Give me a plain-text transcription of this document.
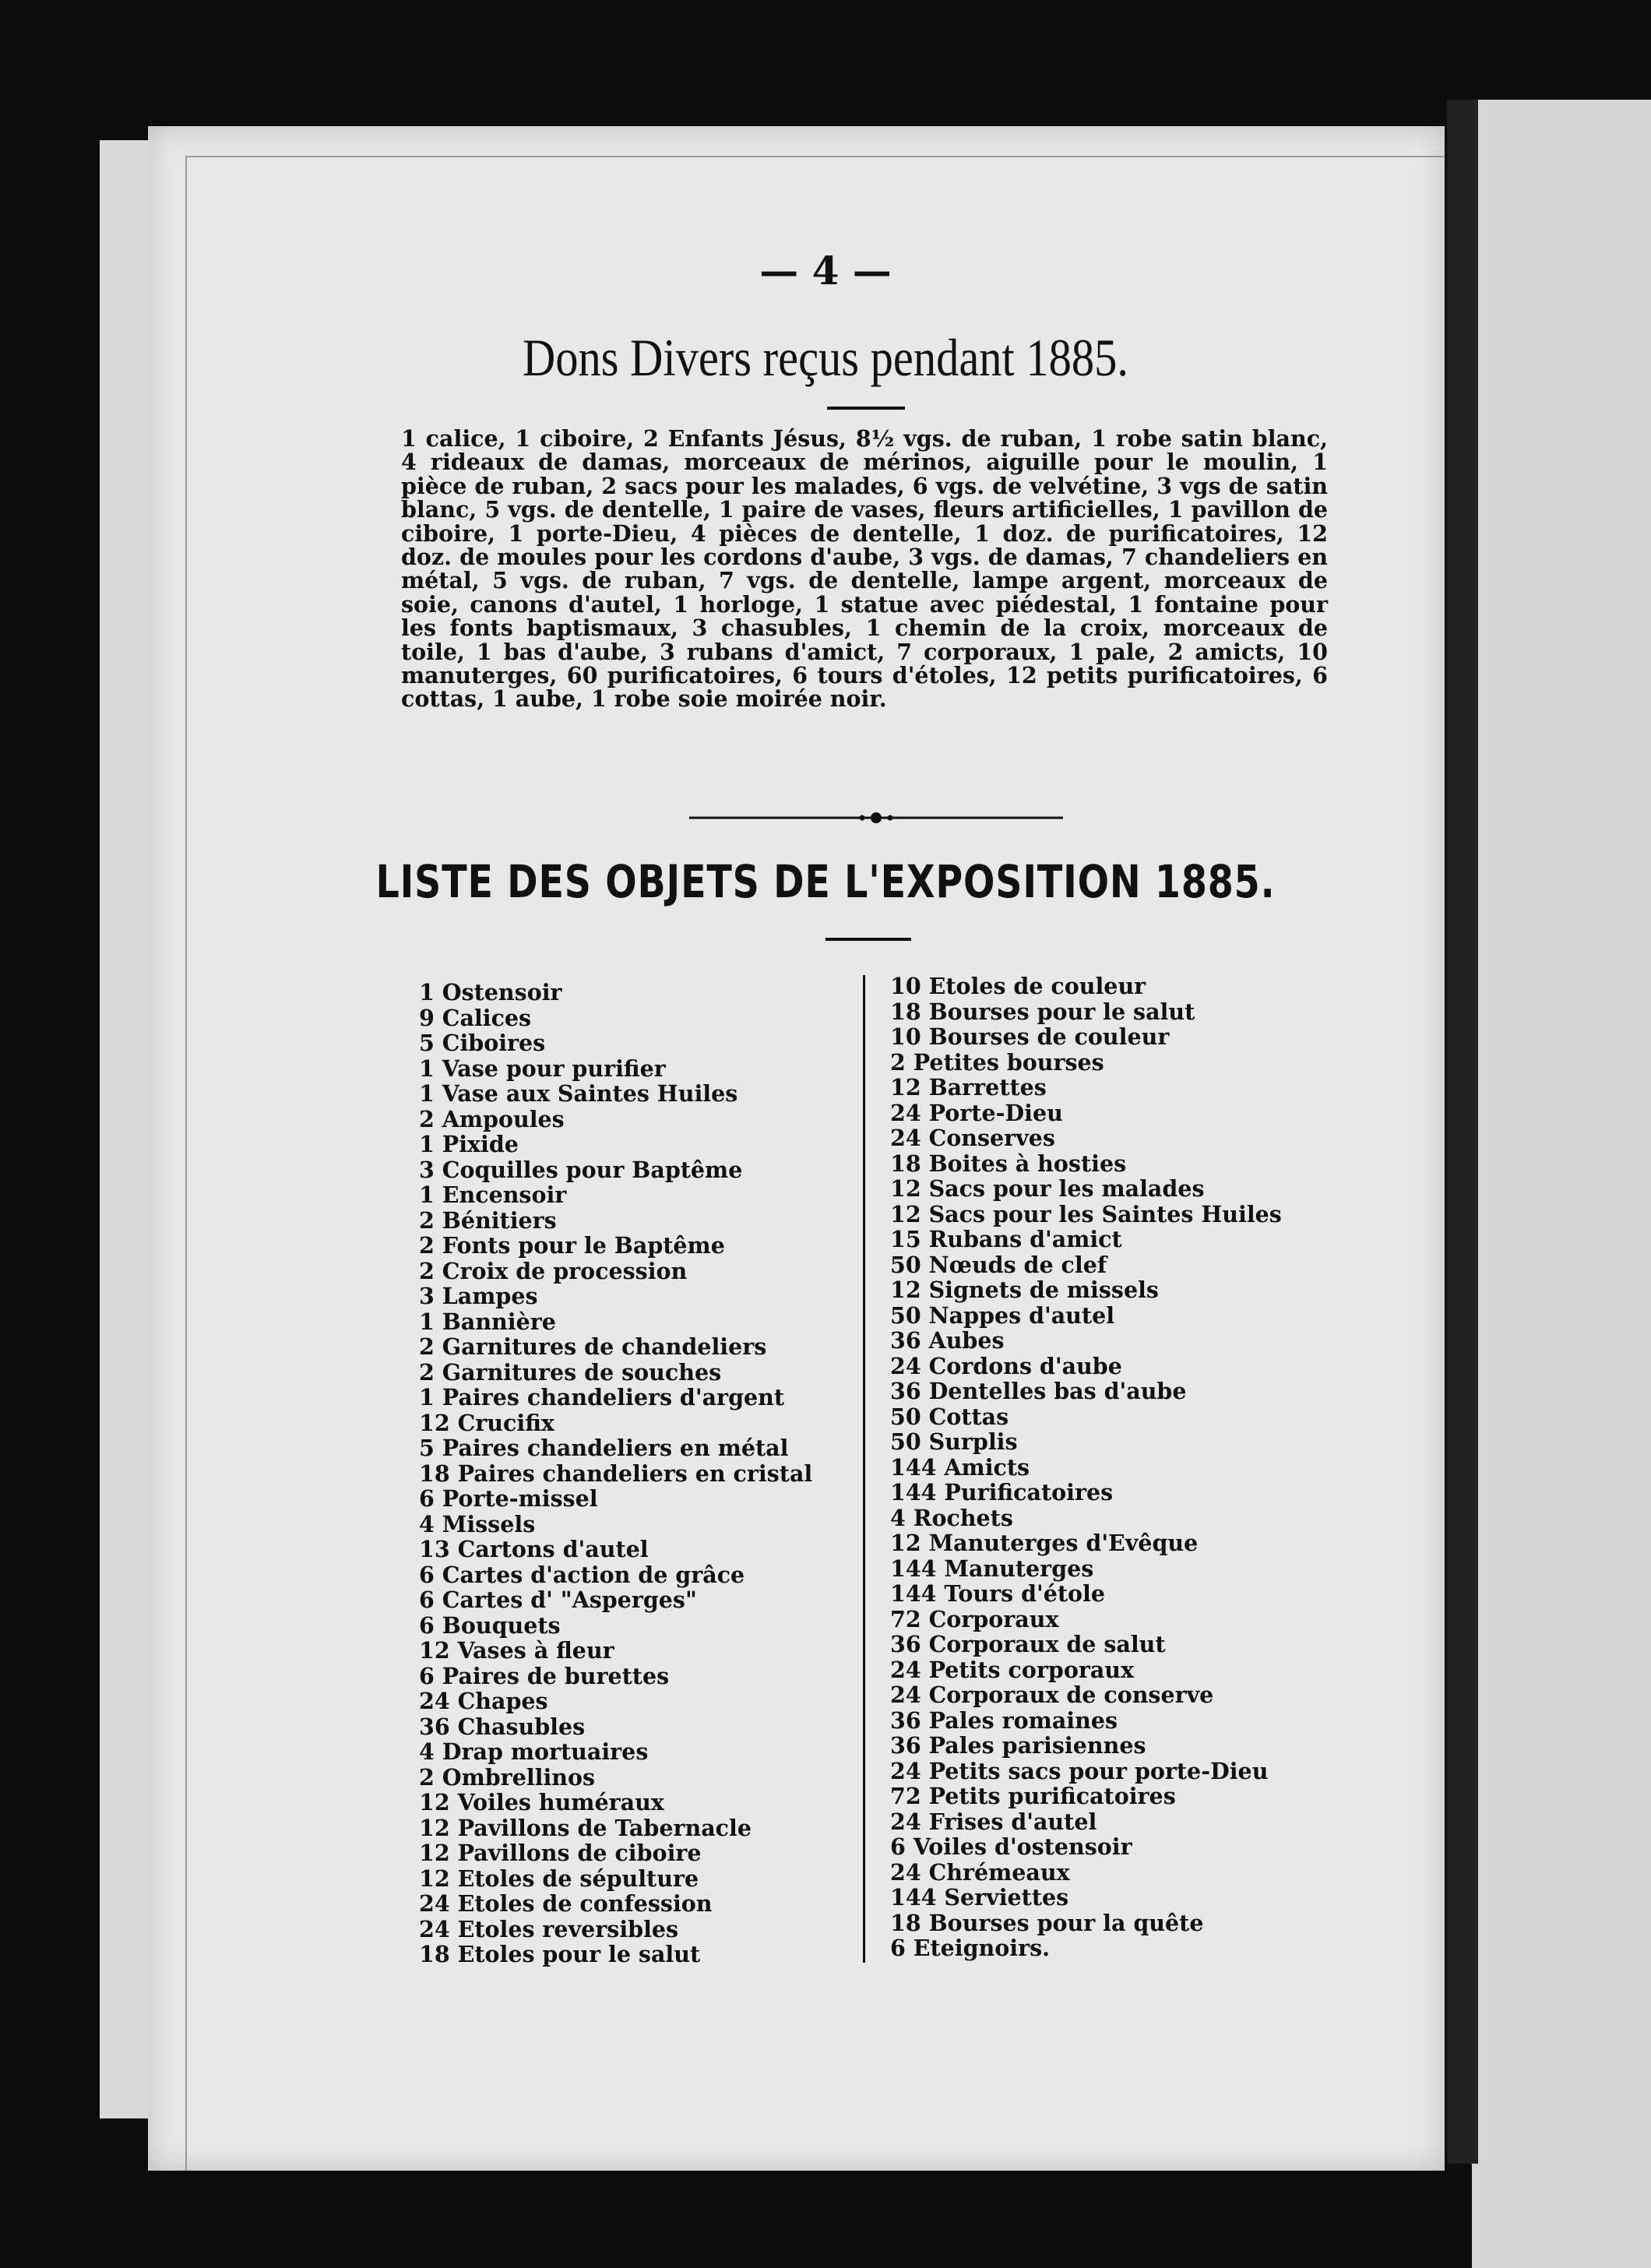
— 4 —
Dons Divers reçus pendant 1885.
1 calice, 1 ciboire, 2 Enfants Jésus, 8½ vgs. de ruban, 1 robe satin blanc, 4 rideaux de damas, morceaux de mérinos, aiguille pour le moulin, 1 pièce de ruban, 2 sacs pour les malades, 6 vgs. de velvétine, 3 vgs de satin blanc, 5 vgs. de dentelle, 1 paire de vases, fleurs artificielles, 1 pavillon de ciboire, 1 porte-Dieu, 4 pièces de dentelle, 1 doz. de purificatoires, 12 doz. de moules pour les cordons d'aube, 3 vgs. de damas, 7 chandeliers en métal, 5 vgs. de ruban, 7 vgs. de dentelle, lampe argent, morceaux de soie, canons d'autel, 1 horloge, 1 statue avec piédestal, 1 fontaine pour les fonts baptismaux, 3 chasubles, 1 chemin de la croix, morceaux de toile, 1 bas d'aube, 3 rubans d'amict, 7 corporaux, 1 pale, 2 amicts, 10 manuterges, 60 purificatoires, 6 tours d'étoles, 12 petits purificatoires, 6 cottas, 1 aube, 1 robe soie moirée noir.
LISTE DES OBJETS DE L'EXPOSITION 1885.
1 Ostensoir
9 Calices
5 Ciboires
1 Vase pour purifier
1 Vase aux Saintes Huiles
2 Ampoules
1 Pixide
3 Coquilles pour Baptême
1 Encensoir
2 Bénitiers
2 Fonts pour le Baptême
2 Croix de procession
3 Lampes
1 Bannière
2 Garnitures de chandeliers
2 Garnitures de souches
1 Paires chandeliers d'argent
12 Crucifix
5 Paires chandeliers en métal
18 Paires chandeliers en cristal
6 Porte-missel
4 Missels
13 Cartons d'autel
6 Cartes d'action de grâce
6 Cartes d' "Asperges"
6 Bouquets
12 Vases à fleur
6 Paires de burettes
24 Chapes
36 Chasubles
4 Drap mortuaires
2 Ombrellinos
12 Voiles huméraux
12 Pavillons de Tabernacle
12 Pavillons de ciboire
12 Etoles de sépulture
24 Etoles de confession
24 Etoles reversibles
18 Etoles pour le salut
10 Etoles de couleur
18 Bourses pour le salut
10 Bourses de couleur
2 Petites bourses
12 Barrettes
24 Porte-Dieu
24 Conserves
18 Boites à hosties
12 Sacs pour les malades
12 Sacs pour les Saintes Huiles
15 Rubans d'amict
50 Nœuds de clef
12 Signets de missels
50 Nappes d'autel
36 Aubes
24 Cordons d'aube
36 Dentelles bas d'aube
50 Cottas
50 Surplis
144 Amicts
144 Purificatoires
4 Rochets
12 Manuterges d'Evêque
144 Manuterges
144 Tours d'étole
72 Corporaux
36 Corporaux de salut
24 Petits corporaux
24 Corporaux de conserve
36 Pales romaines
36 Pales parisiennes
24 Petits sacs pour porte-Dieu
72 Petits purificatoires
24 Frises d'autel
6 Voiles d'ostensoir
24 Chrémeaux
144 Serviettes
18 Bourses pour la quête
6 Eteignoirs.
